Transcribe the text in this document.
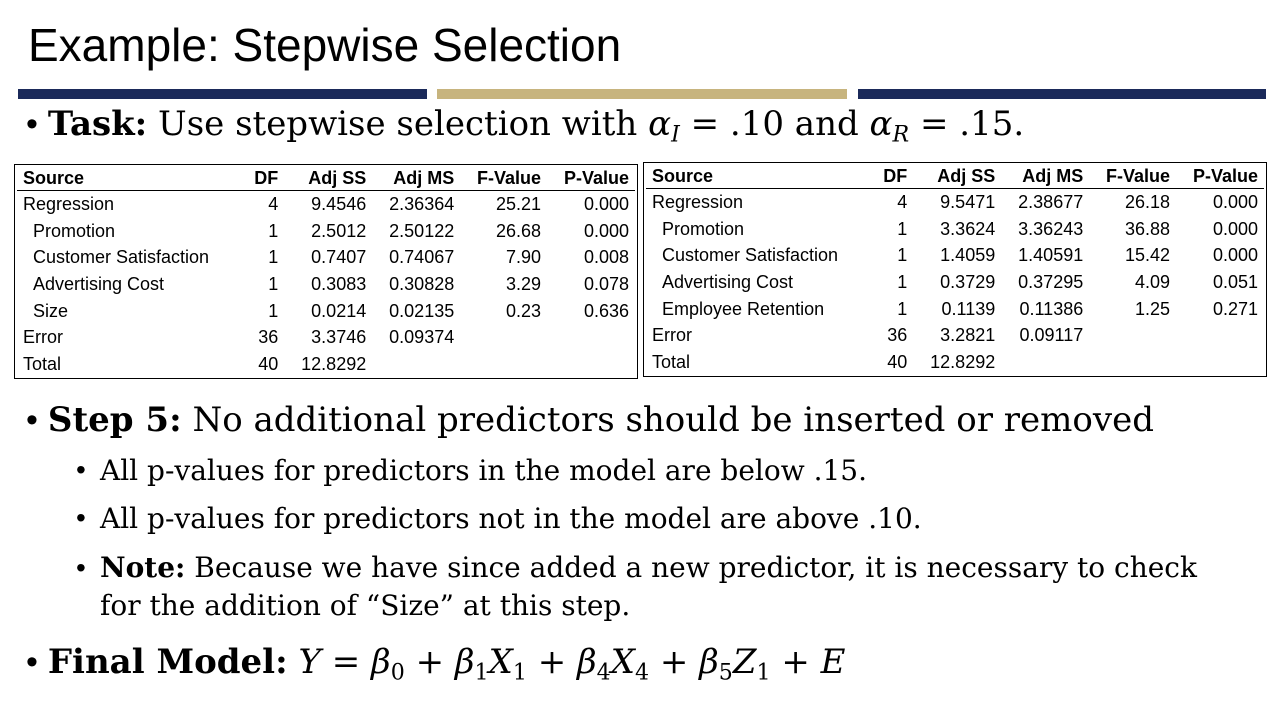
Example: Stepwise Selection
• Task: Use stepwise selection with $\alpha_I = .10$ and $\alpha_R = .15$.
Source	DF	Adj SS	Adj MS	F-Value	P-Value
Regression	4	9.4546	2.36364	25.21	0.000
Promotion	1	2.5012	2.50122	26.68	0.000
Customer Satisfaction	1	0.7407	0.74067	7.90	0.008
Advertising Cost	1	0.3083	0.30828	3.29	0.078
Size	1	0.0214	0.02135	0.23	0.636
Error	36	3.3746	0.09374		
Total	40	12.8292			
Source	DF	Adj SS	Adj MS	F-Value	P-Value
Regression	4	9.5471	2.38677	26.18	0.000
Promotion	1	3.3624	3.36243	36.88	0.000
Customer Satisfaction	1	1.4059	1.40591	15.42	0.000
Advertising Cost	1	0.3729	0.37295	4.09	0.051
Employee Retention	1	0.1139	0.11386	1.25	0.271
Error	36	3.2821	0.09117		
Total	40	12.8292			
• Step 5: No additional predictors should be inserted or removed
• All p-values for predictors in the model are below .15.
• All p-values for predictors not in the model are above .10.
• Note: Because we have since added a new predictor, it is necessary to check for the addition of “Size” at this step.
• Final Model: $Y = \beta_0 + \beta_1X_1 + \beta_4X_4 + \beta_5Z_1 + E$
